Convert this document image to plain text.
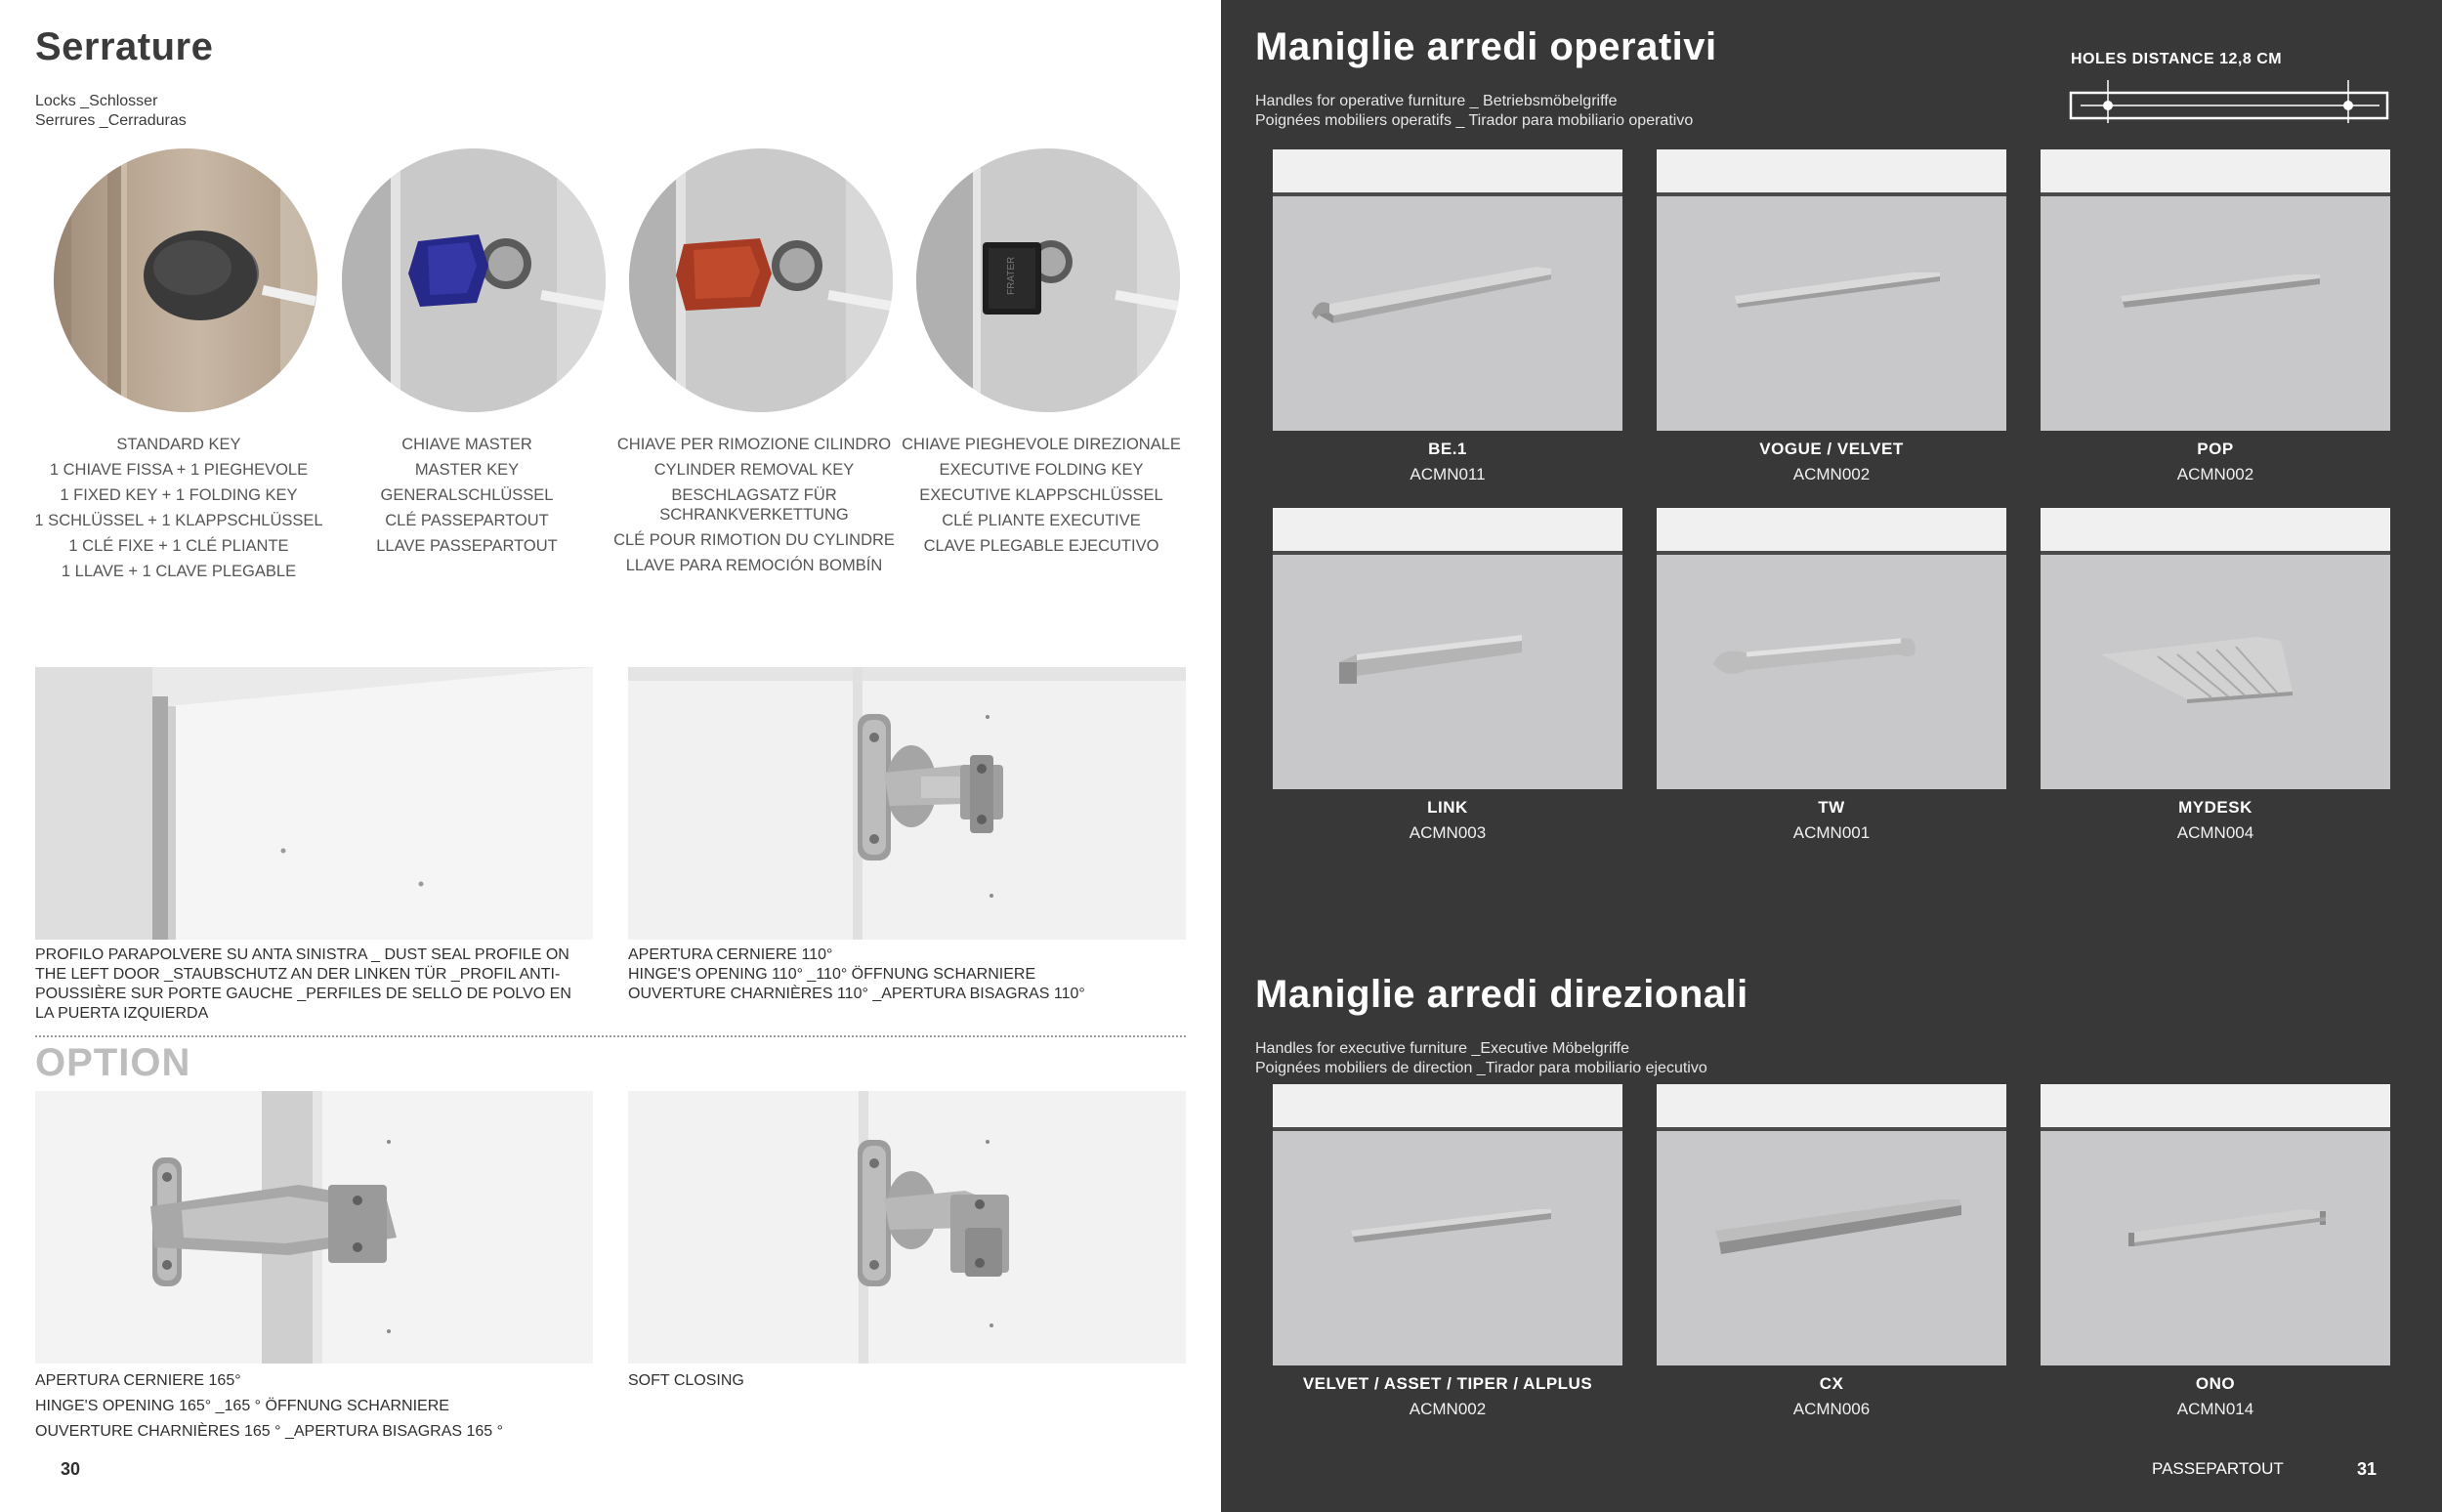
Serrature
Locks _Schlosser
Serrures _Cerraduras
STANDARD KEY
1 CHIAVE FISSA + 1 PIEGHEVOLE
1 FIXED KEY + 1 FOLDING KEY
1 SCHLÜSSEL + 1 KLAPPSCHLÜSSEL
1 CLÉ FIXE + 1 CLÉ PLIANTE
1 LLAVE + 1 CLAVE PLEGABLE
CHIAVE MASTER
MASTER KEY
GENERALSCHLÜSSEL
CLÉ PASSEPARTOUT
LLAVE PASSEPARTOUT
CHIAVE PER RIMOZIONE CILINDRO
CYLINDER REMOVAL KEY
BESCHLAGSATZ FÜR SCHRANKVERKETTUNG
CLÉ POUR RIMOTION DU CYLINDRE
LLAVE PARA REMOCIÓN BOMBÍN
FRATER
CHIAVE PIEGHEVOLE DIREZIONALE
EXECUTIVE FOLDING KEY
EXECUTIVE KLAPPSCHLÜSSEL
CLÉ PLIANTE EXECUTIVE
CLAVE PLEGABLE EJECUTIVO
PROFILO PARAPOLVERE SU ANTA SINISTRA _ DUST SEAL PROFILE ON THE LEFT DOOR _STAUBSCHUTZ AN DER LINKEN TÜR _PROFIL ANTI-POUSSIÈRE SUR PORTE GAUCHE _PERFILES DE SELLO DE POLVO EN LA PUERTA IZQUIERDA
APERTURA CERNIERE 110°
HINGE'S OPENING 110° _110° ÖFFNUNG SCHARNIERE
OUVERTURE CHARNIÈRES 110° _APERTURA BISAGRAS 110°
OPTION
APERTURA CERNIERE 165°
HINGE'S OPENING 165° _165 ° ÖFFNUNG SCHARNIERE
OUVERTURE CHARNIÈRES 165 ° _APERTURA BISAGRAS 165 °
SOFT CLOSING
30
Maniglie arredi operativi
Handles for operative furniture _ Betriebsmöbelgriffe
Poignées mobiliers operatifs _ Tirador para mobiliario operativo
HOLES DISTANCE 12,8 CM
BE.1
ACMN011
VOGUE / VELVET
ACMN002
POP
ACMN002
LINK
ACMN003
TW
ACMN001
MYDESK
ACMN004
Maniglie arredi direzionali
Handles for executive furniture _Executive Möbelgriffe
Poignées mobiliers de direction _Tirador para mobiliario ejecutivo
VELVET / ASSET / TIPER / ALPLUS
ACMN002
CX
ACMN006
ONO
ACMN014
PASSEPARTOUT	31
